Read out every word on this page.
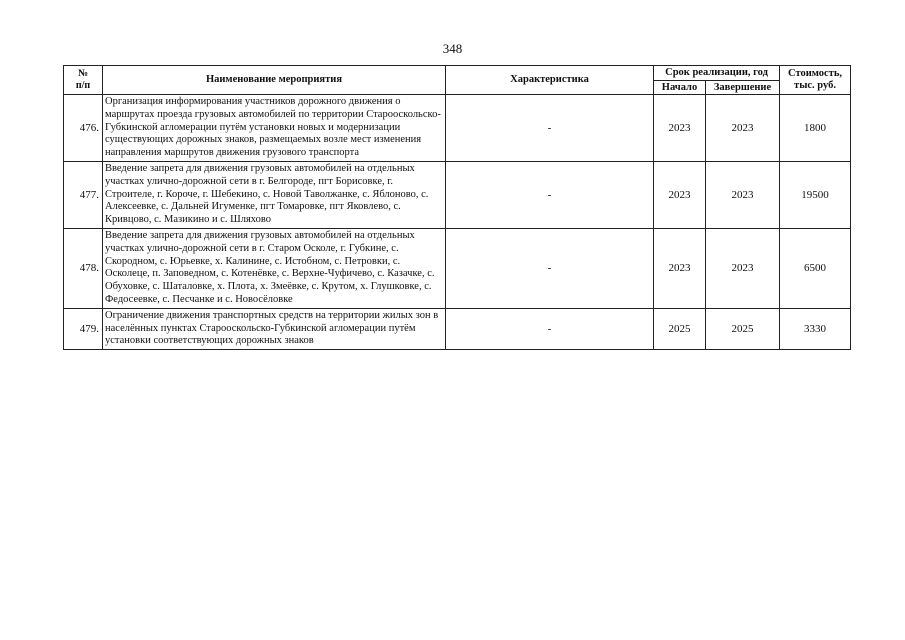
348
№
п/п	Наименование мероприятия	Характеристика	Срок реализации, год		Стоимость,
тыс. руб.

			Начало	Завершение	
476.	Организация информирования участников дорожного движения о маршрутах проезда грузовых автомобилей по территории Старооскольско-Губкинской агломерации путём установки новых и модернизации существующих дорожных знаков, размещаемых возле мест изменения направления маршрутов движения грузового транспорта	-	2023	2023	1800
477.	Введение запрета для движения грузовых автомобилей на отдельных участках улично-дорожной сети в г. Белгороде, пгт Борисовке, г. Строителе, г. Короче, г. Шебекино, с. Новой Таволжанке, с. Яблоново, с. Алексеевке, с. Дальней Игуменке, пгт Томаровке, пгт Яковлево, с. Кривцово, с. Мазикино и с. Шляхово	-	2023	2023	19500
478.	Введение запрета для движения грузовых автомобилей на отдельных участках улично-дорожной сети в г. Старом Осколе, г. Губкине, с. Скородном, с. Юрьевке, х. Калинине, с. Истобном, с. Петровки, с. Осколеце, п. Заповедном, с. Котенёвке, с. Верхне-Чуфичево, с. Казачке, с. Обуховке, с. Шаталовке, х. Плота, х. Змеёвке, с. Крутом, х. Глушковке, с. Федосеевке, с. Песчанке и с. Новосёловке	-	2023	2023	6500
479.	Ограничение движения транспортных средств на территории жилых зон в населённых пунктах Старооскольско-Губкинской агломерации путём установки соответствующих дорожных знаков	-	2025	2025	3330
